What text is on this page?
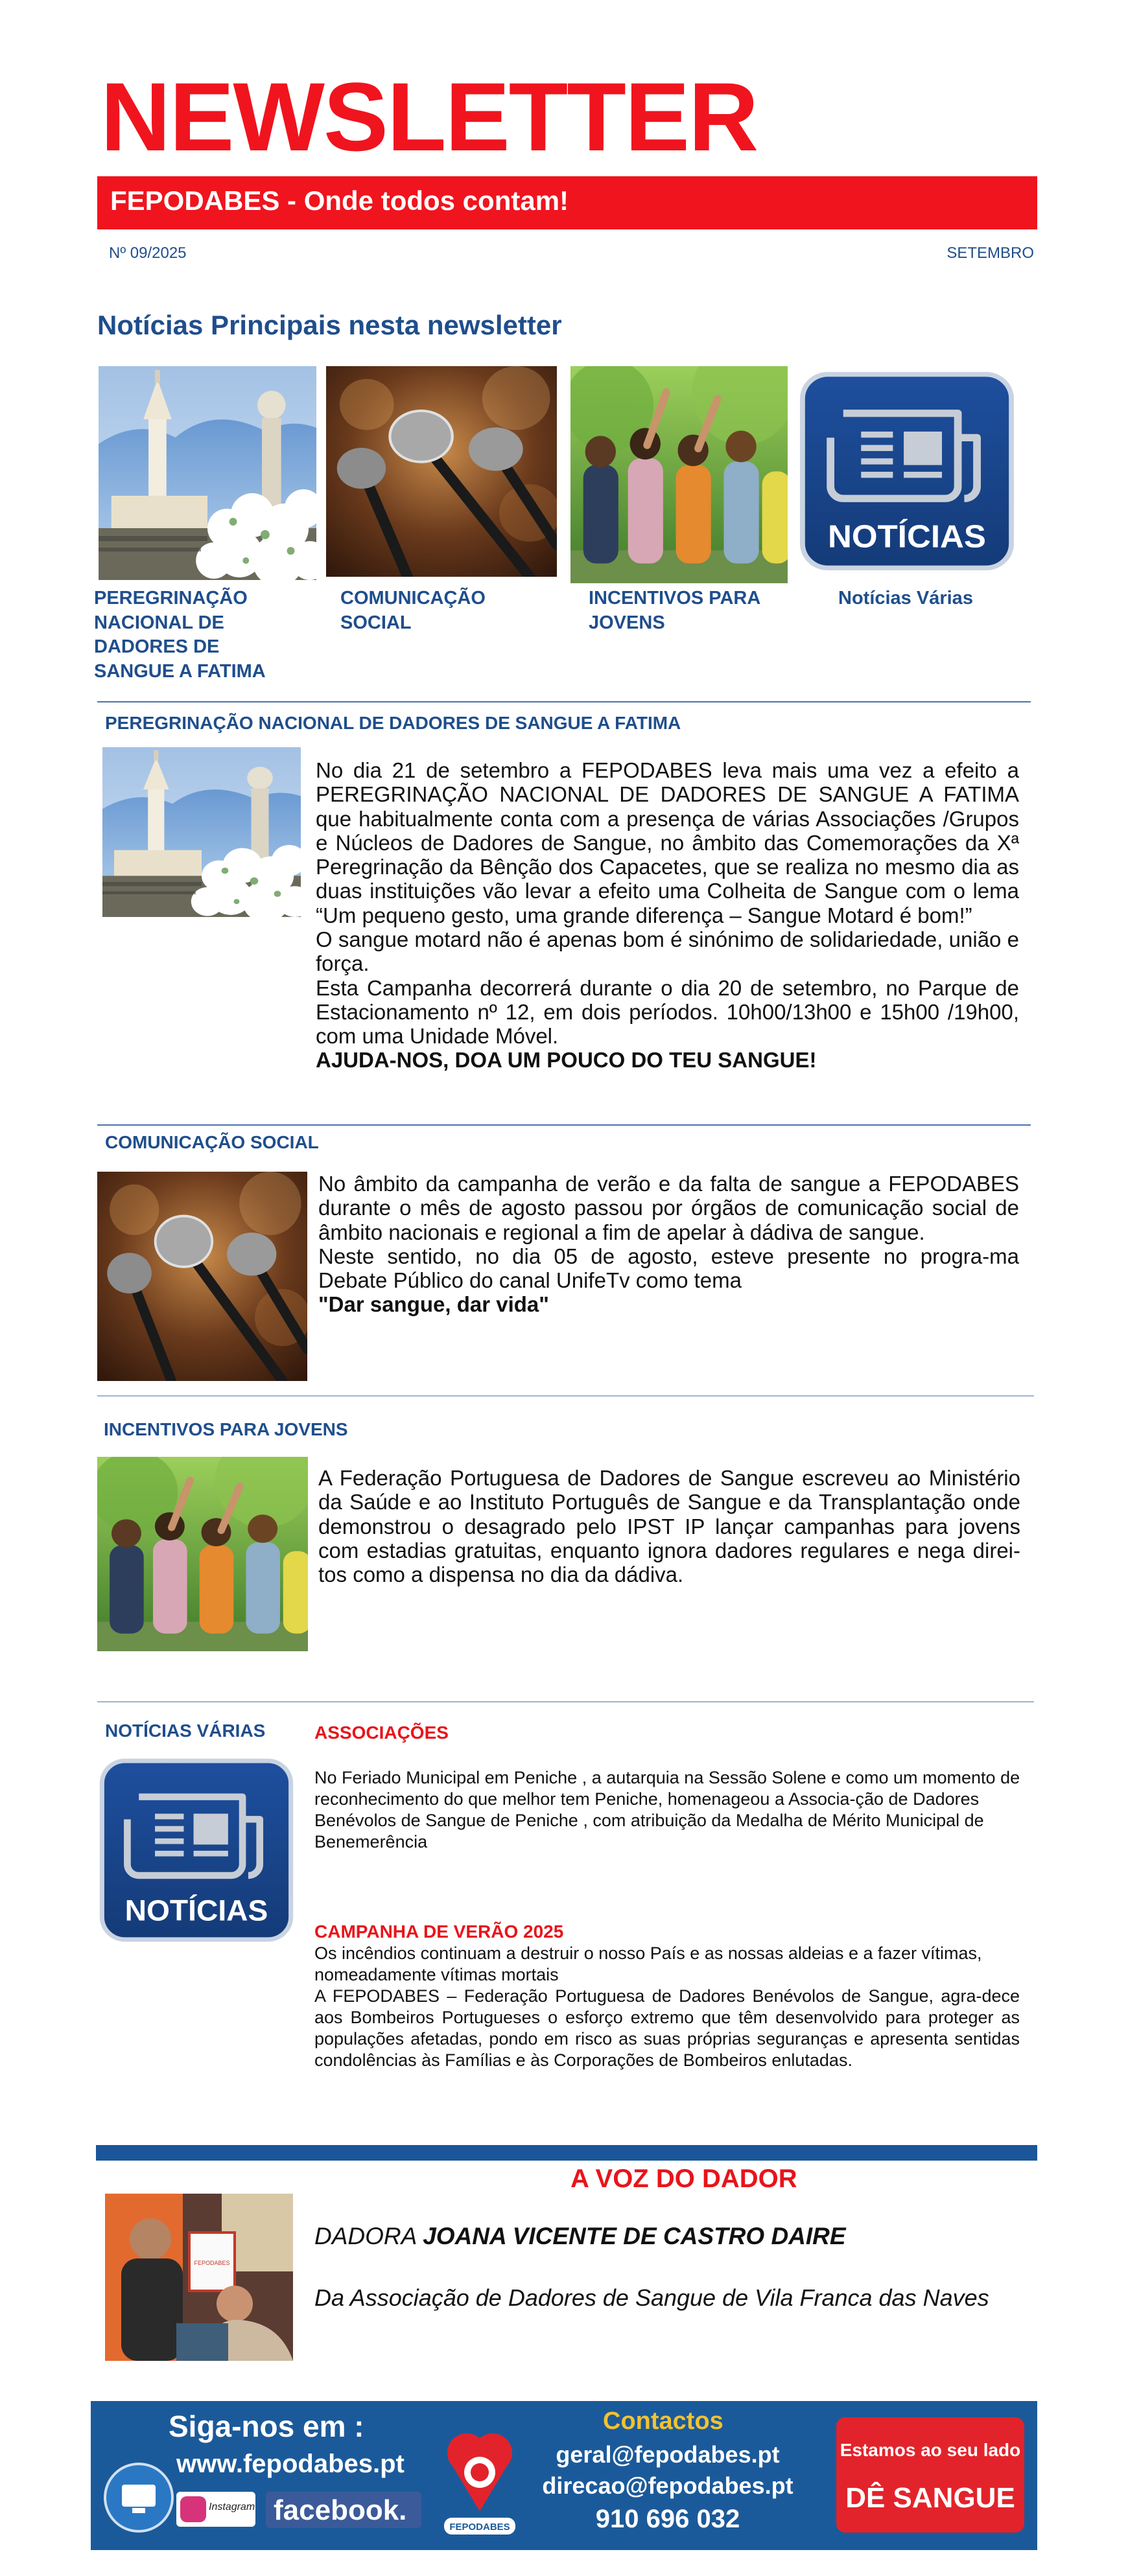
NEWSLETTER
FEPODABES - Onde todos contam!
Nº 09/2025	SETEMBRO
Notícias Principais nesta newsletter
NOTÍCIAS
PEREGRINAÇÃO NACIONAL DE DADORES DE SANGUE A FATIMA
COMUNICAÇÃO SOCIAL
INCENTIVOS PARA JOVENS
Notícias Várias
PEREGRINAÇÃO NACIONAL DE DADORES DE SANGUE A FATIMA
No dia 21 de setembro a FEPODABES leva mais uma vez a efeito a PEREGRINAÇÃO NACIONAL DE DADORES DE SANGUE A FATIMA que habitualmente conta com a presença de várias Associações /Grupos e Núcleos de Dadores de Sangue, no âmbito das Comemorações da Xª Peregrinação da Bênção dos Capacetes, que se realiza no mesmo dia as duas instituições vão levar a efeito uma Colheita de Sangue com o lema “Um pequeno gesto, uma grande diferença – Sangue Motard é bom!”
O sangue motard não é apenas bom é sinónimo de solidariedade, união e força.
Esta Campanha decorrerá durante o dia 20 de setembro, no Parque de Estacionamento nº 12, em dois períodos. 10h00/13h00 e 15h00 /19h00, com uma Unidade Móvel.
AJUDA-NOS, DOA UM POUCO DO TEU SANGUE!
COMUNICAÇÃO SOCIAL
No âmbito da campanha de verão e da falta de sangue a FEPODABES durante o mês de agosto passou por órgãos de comunicação social de âmbito nacionais e regional a fim de apelar à dádiva de sangue.
Neste sentido, no dia 05 de agosto, esteve presente no progra-ma Debate Público do canal UnifeTv como tema
"Dar sangue, dar vida"
INCENTIVOS PARA JOVENS
A Federação Portuguesa de Dadores de Sangue escreveu ao Ministério da Saúde e ao Instituto Português de Sangue e da Transplantação onde demonstrou o desagrado pelo IPST IP lançar campanhas para jovens com estadias gratuitas, enquanto ignora dadores regulares e nega direi-tos como a dispensa no dia da dádiva.
NOTÍCIAS VÁRIAS
NOTÍCIAS
ASSOCIAÇÕES
No Feriado Municipal em Peniche , a autarquia na Sessão Solene e como um momento de reconhecimento do que melhor tem Peniche, homenageou a Associa-ção de Dadores Benévolos de Sangue de Peniche , com atribuição da Medalha de Mérito Municipal de Benemerência
CAMPANHA DE VERÃO 2025
Os incêndios continuam a destruir o nosso País e as nossas aldeias e a fazer vítimas, nomeadamente vítimas mortais
A FEPODABES – Federação Portuguesa de Dadores Benévolos de Sangue, agra-dece aos Bombeiros Portugueses o esforço extremo que têm desenvolvido para proteger as populações afetadas, pondo em risco as suas próprias seguranças e apresenta sentidas condolências às Famílias e às Corporações de Bombeiros enlutadas.
A VOZ DO DADOR
FEPODABES
DADORA JOANA VICENTE DE CASTRO DAIRE
Da Associação de Dadores de Sangue de Vila Franca das Naves
Siga-nos em :
www.fepodabes.pt
Instagram facebook.
FEPODABES
Contactos
geral@fepodabes.pt
direcao@fepodabes.pt
910 696 032
Estamos ao seu lado
DÊ SANGUE
